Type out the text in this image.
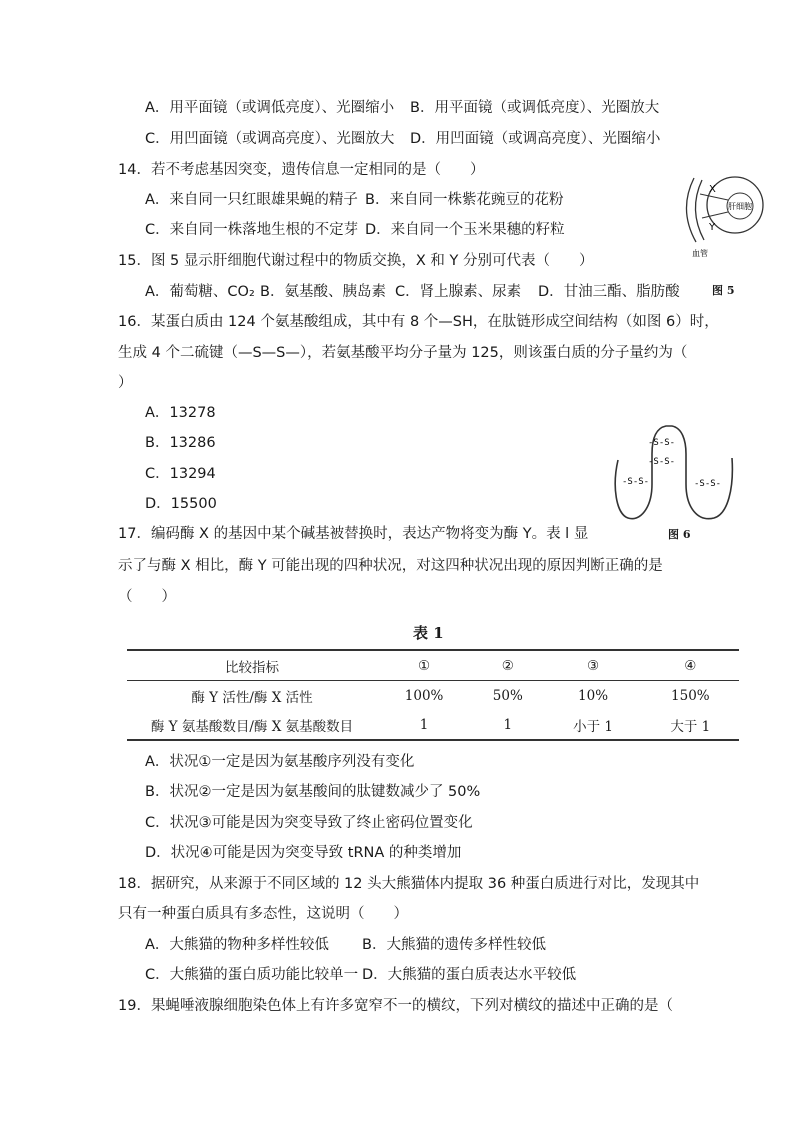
A．用平面镜（或调低亮度）、光圈缩小 B．用平面镜（或调低亮度）、光圈放大
C．用凹面镜（或调高亮度）、光圈放大 D．用凹面镜（或调高亮度）、光圈缩小
14．若不考虑基因突变，遗传信息一定相同的是（　　）
A．来自同一只红眼雄果蝇的精子 B．来自同一株紫花豌豆的花粉
C．来自同一株落地生根的不定芽 D．来自同一个玉米果穗的籽粒
X
Y
肝细胞
血管
图 5
15．图 5 显示肝细胞代谢过程中的物质交换，X 和 Y 分别可代表（　　）
A．葡萄糖、CO₂ B．氨基酸、胰岛素 C．肾上腺素、尿素 D．甘油三酯、脂肪酸
16．某蛋白质由 124 个氨基酸组成，其中有 8 个—SH，在肽链形成空间结构（如图 6）时，
生成 4 个二硫键（—S—S—），若氨基酸平均分子量为 125，则该蛋白质的分子量约为（
）
A．13278
B．13286
C．13294
D．15500
-S-S-
-S-S-
-S-S-
-S-S-
图 6
17．编码酶 X 的基因中某个碱基被替换时，表达产物将变为酶 Y。表 l 显
示了与酶 X 相比，酶 Y 可能出现的四种状况，对这四种状况出现的原因判断正确的是
（　　）
表 1
比较指标	①	②	③	④
酶 Y 活性/酶 X 活性	100%	50%	10%	150%
酶 Y 氨基酸数目/酶 X 氨基酸数目	1	1	小于 1	大于 1
A．状况①一定是因为氨基酸序列没有变化
B．状况②一定是因为氨基酸间的肽键数减少了 50%
C．状况③可能是因为突变导致了终止密码位置变化
D．状况④可能是因为突变导致 tRNA 的种类增加
18．据研究，从来源于不同区域的 12 头大熊猫体内提取 36 种蛋白质进行对比，发现其中
只有一种蛋白质具有多态性，这说明（　　）
A．大熊猫的物种多样性较低 B．大熊猫的遗传多样性较低
C．大熊猫的蛋白质功能比较单一 D．大熊猫的蛋白质表达水平较低
19．果蝇唾液腺细胞染色体上有许多宽窄不一的横纹，下列对横纹的描述中正确的是（
